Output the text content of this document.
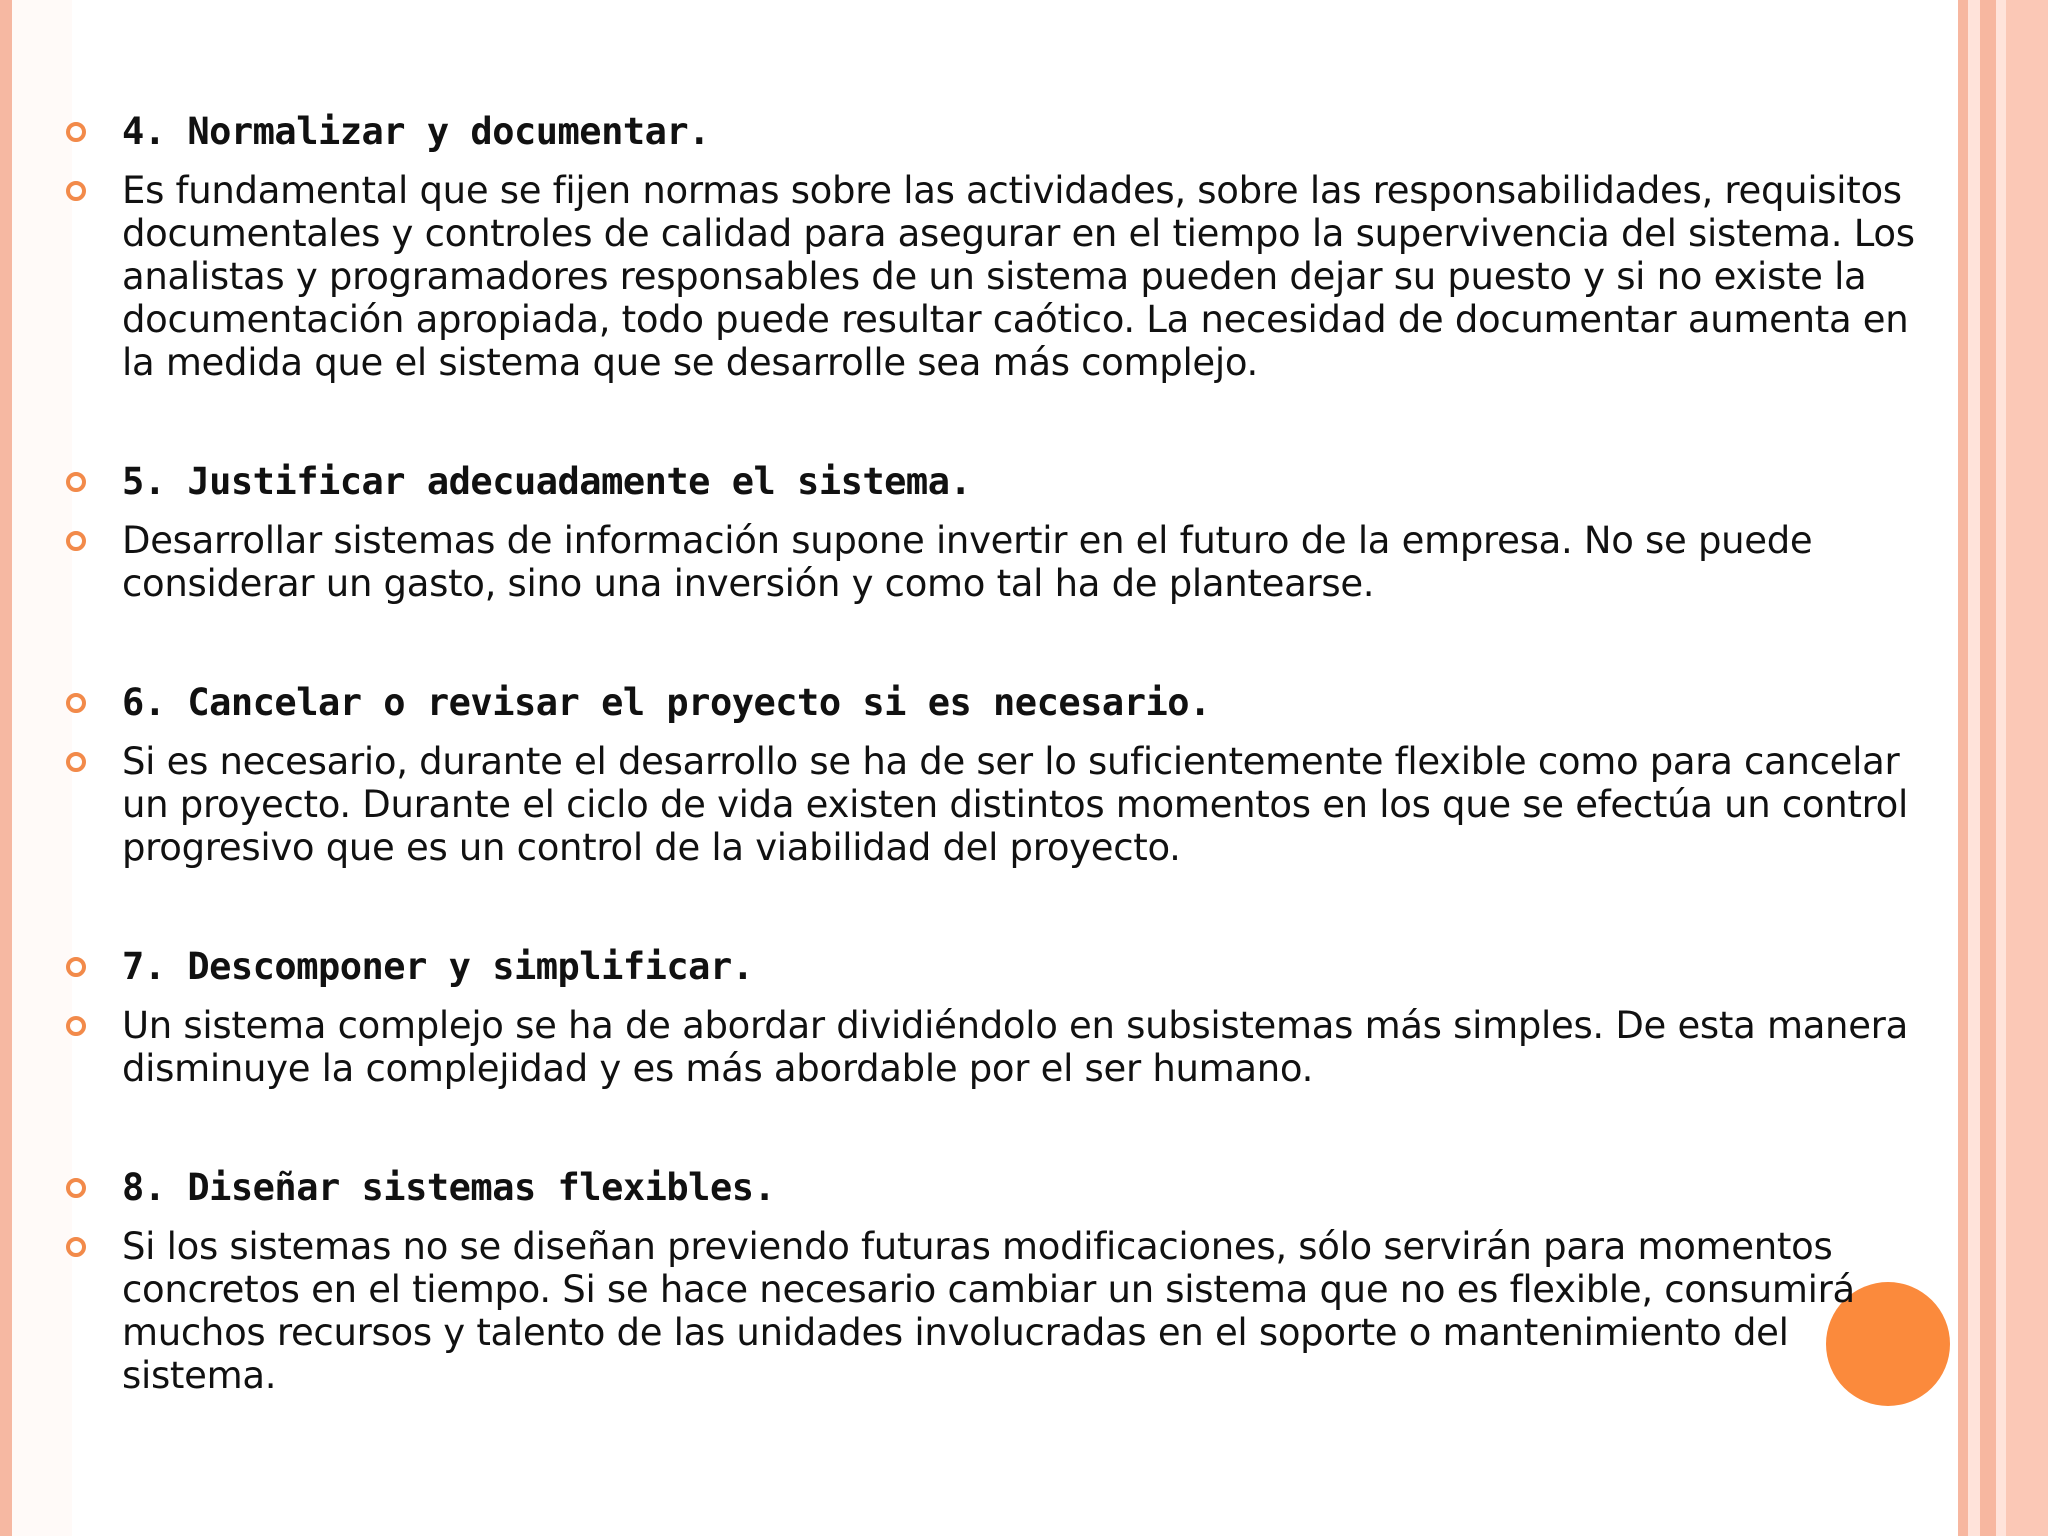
4. Normalizar y documentar.
Es fundamental que se fijen normas sobre las actividades, sobre las responsabilidades, requisitos documentales y controles de calidad para asegurar en el tiempo la supervivencia del sistema. Los analistas y programadores responsables de un sistema pueden dejar su puesto y si no existe la documentación apropiada, todo puede resultar caótico. La necesidad de documentar aumenta en la medida que el sistema que se desarrolle sea más complejo.
5. Justificar adecuadamente el sistema.
Desarrollar sistemas de información supone invertir en el futuro de la empresa. No se puede considerar un gasto, sino una inversión y como tal ha de plantearse.
6. Cancelar o revisar el proyecto si es necesario.
Si es necesario, durante el desarrollo se ha de ser lo suficientemente flexible como para cancelar un proyecto. Durante el ciclo de vida existen distintos momentos en los que se efectúa un control progresivo que es un control de la viabilidad del proyecto.
7. Descomponer y simplificar.
Un sistema complejo se ha de abordar dividiéndolo en subsistemas más simples. De esta manera disminuye la complejidad y es más abordable por el ser humano.
8. Diseñar sistemas flexibles.
Si los sistemas no se diseñan previendo futuras modificaciones, sólo servirán para momentos concretos en el tiempo. Si se hace necesario cambiar un sistema que no es flexible, consumirá muchos recursos y talento de las unidades involucradas en el soporte o mantenimiento del sistema.
